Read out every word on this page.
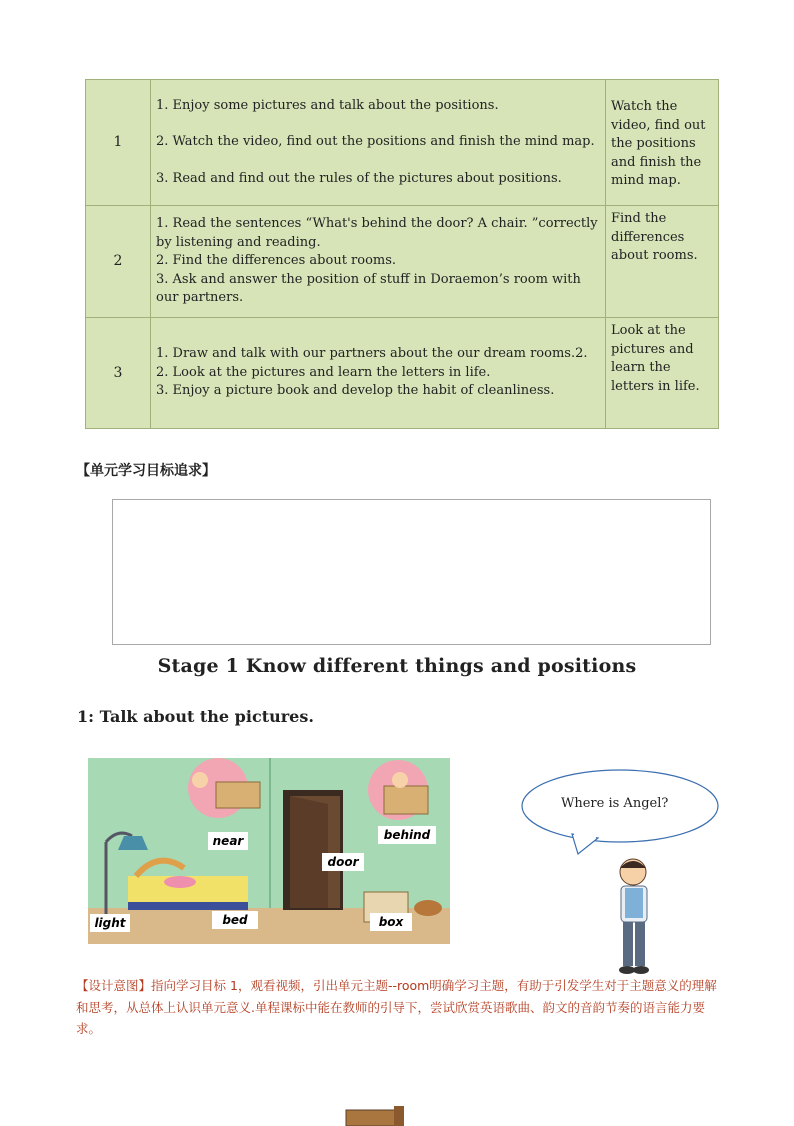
1	1. Enjoy some pictures and talk about the positions.

2. Watch the video, find out the positions and finish the mind map.

3. Read and find out the rules of the pictures about positions.	Watch the video, find out the positions and finish the mind map.
2	1. Read the sentences “What's behind the door? A chair. ”correctly by listening and reading.

2. Find the differences about rooms.

3. Ask and answer the position of stuff in Doraemon’s room with our partners.	Find the differences about rooms.
3	1. Draw and talk with our partners about the our dream rooms.2.

2. Look at the pictures and learn the letters in life.

3. Enjoy a picture book and develop the habit of cleanliness.	Look at the pictures and learn the letters in life.
【单元学习目标追求】
Stage 1 Know different things and positions
1: Talk about the pictures.
near	behind
door
light	bed	box
Where is Angel?
【设计意图】指向学习目标 1，观看视频，引出单元主题--room明确学习主题，有助于引发学生对于主题意义的理解和思考，从总体上认识单元意义.单程课标中能在教师的引导下，尝试欣赏英语歌曲、韵文的音韵节奏的语言能力要求。
